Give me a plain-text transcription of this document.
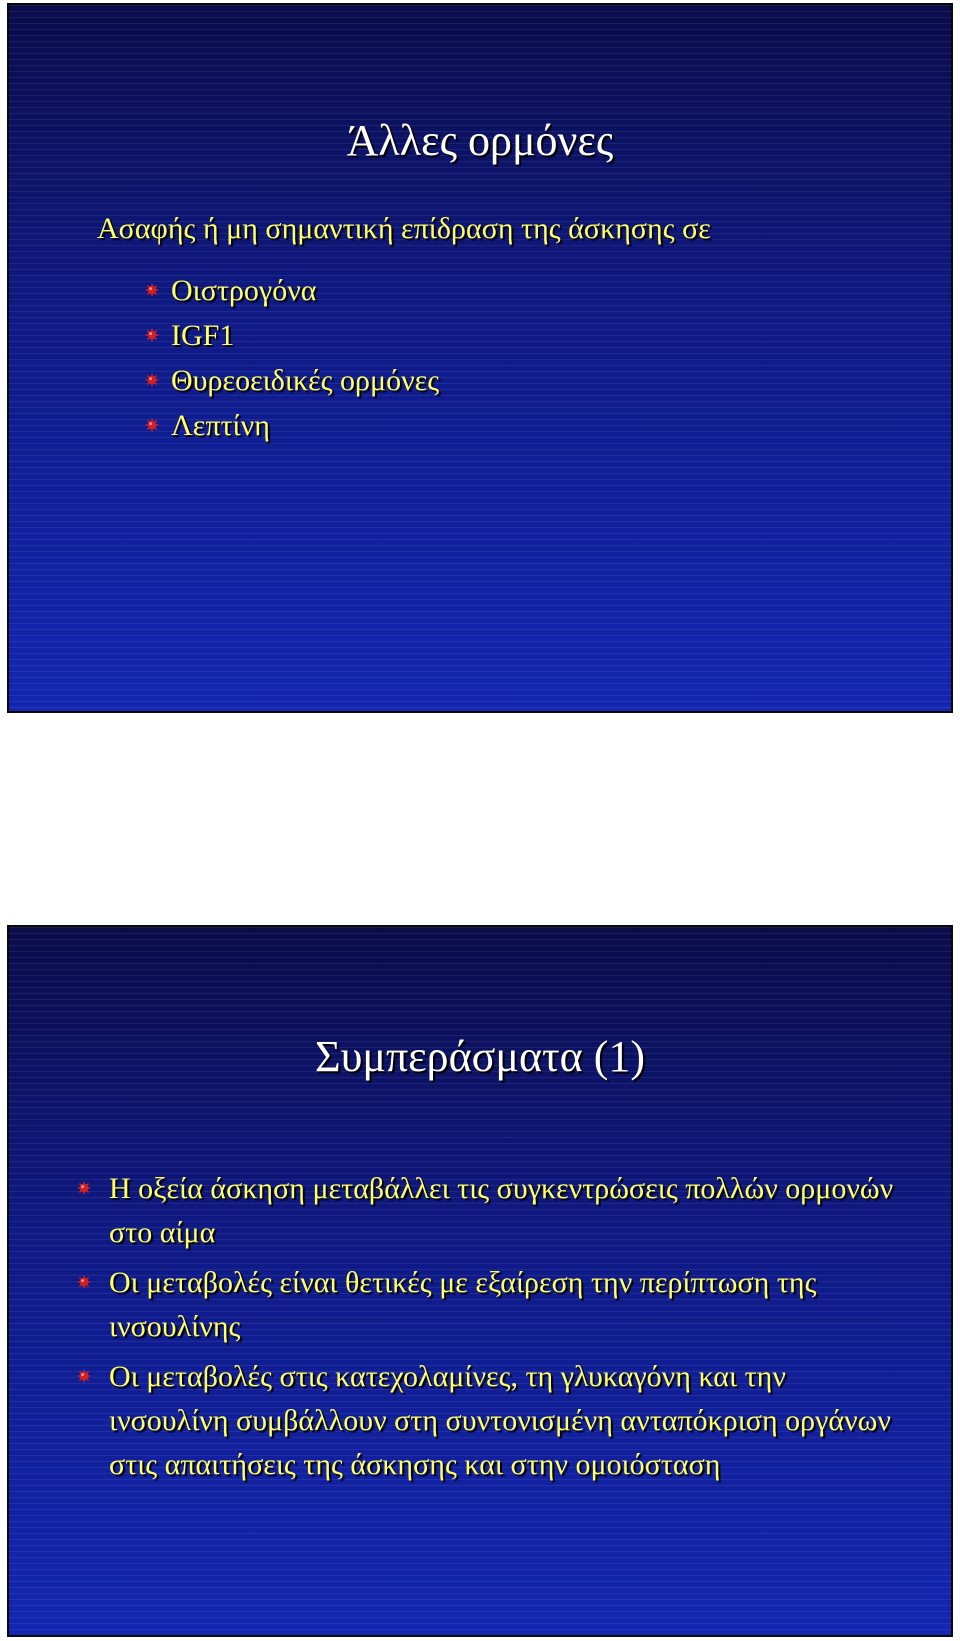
Άλλες ορμόνες
Ασαφής ή μη σημαντική επίδραση της άσκησης σε
Οιστρογόνα
IGF1
Θυρεοειδικές ορμόνες
Λεπτίνη
Συμπεράσματα (1)
Η οξεία άσκηση μεταβάλλει τις συγκεντρώσεις πολλών ορμονών στο αίμα
Οι μεταβολές είναι θετικές με εξαίρεση την περίπτωση της ινσουλίνης
Οι μεταβολές στις κατεχολαμίνες, τη γλυκαγόνη και την ινσουλίνη συμβάλλουν στη συντονισμένη ανταπόκριση οργάνων στις απαιτήσεις της άσκησης και στην ομοιόσταση
